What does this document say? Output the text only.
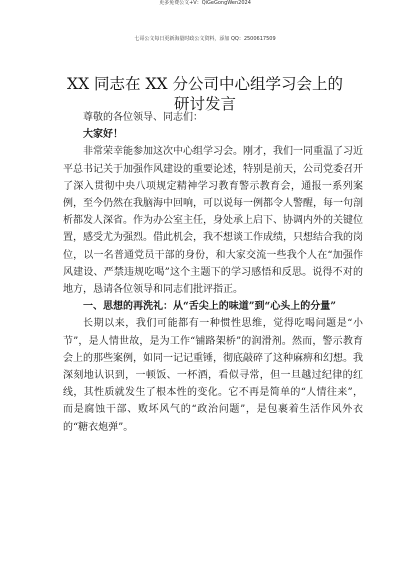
更多免费公文+V：QiGeGongWen2024
七哥公文每日更新海量时政公文资料，添加 QQ：2500617509
XX 同志在 XX 分公司中心组学习会上的研讨发言

尊敬的各位领导、同志们：

大家好！

非常荣幸能参加这次中心组学习会。刚才，我们一同重温了习近平总书记关于加强作风建设的重要论述，特别是前天，公司党委召开了深入贯彻中央八项规定精神学习教育警示教育会，通报一系列案例，至今仍然在我脑海中回响，可以说每一例都令人警醒，每一句剖析都发人深省。作为办公室主任，身处承上启下、协调内外的关键位置，感受尤为强烈。借此机会，我不想谈工作成绩，只想结合我的岗位，以一名普通党员干部的身份，和大家交流一些我个人在“加强作风建设、严禁违规吃喝”这个主题下的学习感悟和反思。说得不对的地方，恳请各位领导和同志们批评指正。

一、思想的再洗礼：从“舌尖上的味道”到“心头上的分量”

长期以来，我们可能都有一种惯性思维，觉得吃喝问题是“小节”，是人情世故，是为工作“铺路架桥”的润滑剂。然而，警示教育会上的那些案例，如同一记记重锤，彻底敲碎了这种麻痹和幻想。我深刻地认识到，一顿饭、一杯酒，看似寻常，但一旦越过纪律的红线，其性质就发生了根本性的变化。它不再是简单的“人情往来”，而是腐蚀干部、败坏风气的“政治问题”，是包裹着生活作风外衣的“糖衣炮弹”。
